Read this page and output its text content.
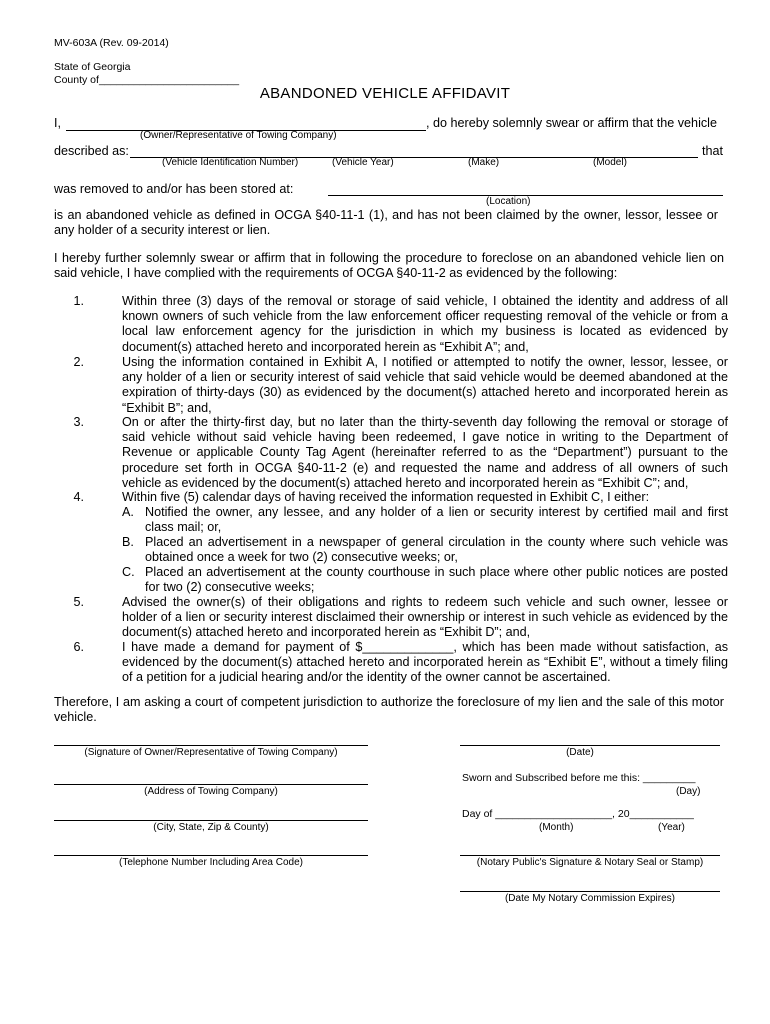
MV-603A (Rev. 09-2014)
State of Georgia
County of________________________
ABANDONED VEHICLE AFFIDAVIT
I,	, do hereby solemnly swear or affirm that the vehicle
(Owner/Representative of Towing Company)
described as:	that
(Vehicle Identification Number)	(Vehicle Year)	(Make)	(Model)
was removed to and/or has been stored at:
(Location)
is an abandoned vehicle as defined in OCGA §40-11-1 (1), and has not been claimed by the owner, lessor, lessee or
any holder of a security interest or lien.
I hereby further solemnly swear or affirm that in following the procedure to foreclose on an abandoned vehicle lien on
said vehicle, I have complied with the requirements of OCGA §40-11-2 as evidenced by the following:
1.	Within three (3) days of the removal or storage of said vehicle, I obtained the identity and address of all
known owners of such vehicle from the law enforcement officer requesting removal of the vehicle or from a
local law enforcement agency for the jurisdiction in which my business is located as evidenced by
document(s) attached hereto and incorporated herein as “Exhibit A”; and,
2.	Using the information contained in Exhibit A, I notified or attempted to notify the owner, lessor, lessee, or
any holder of a lien or security interest of said vehicle that said vehicle would be deemed abandoned at the
expiration of thirty-days (30) as evidenced by the document(s) attached hereto and incorporated herein as
“Exhibit B”; and,
3.	On or after the thirty-first day, but no later than the thirty-seventh day following the removal or storage of
said vehicle without said vehicle having been redeemed, I gave notice in writing to the Department of
Revenue or applicable County Tag Agent (hereinafter referred to as the “Department”) pursuant to the
procedure set forth in OCGA §40-11-2 (e) and requested the name and address of all owners of such
vehicle as evidenced by the document(s) attached hereto and incorporated herein as “Exhibit C”; and,
4.	Within five (5) calendar days of having received the information requested in Exhibit C, I either:
A. Notified the owner, any lessee, and any holder of a lien or security interest by certified mail and first
class mail; or,
B. Placed an advertisement in a newspaper of general circulation in the county where such vehicle was
obtained once a week for two (2) consecutive weeks; or,
C. Placed an advertisement at the county courthouse in such place where other public notices are posted
for two (2) consecutive weeks;
5.	Advised the owner(s) of their obligations and rights to redeem such vehicle and such owner, lessee or
holder of a lien or security interest disclaimed their ownership or interest in such vehicle as evidenced by the
document(s) attached hereto and incorporated herein as “Exhibit D”; and,
6.	I have made a demand for payment of $_____________, which has been made without satisfaction, as
evidenced by the document(s) attached hereto and incorporated herein as “Exhibit E”, without a timely filing
of a petition for a judicial hearing and/or the identity of the owner cannot be ascertained.
Therefore, I am asking a court of competent jurisdiction to authorize the foreclosure of my lien and the sale of this motor
vehicle.
(Signature of Owner/Representative of Towing Company)
(Address of Towing Company)
(City, State, Zip & County)
(Telephone Number Including Area Code)
(Date)
Sworn and Subscribed before me this: _________
(Day)
Day of ____________________, 20___________
(Month)	(Year)
(Notary Public's Signature & Notary Seal or Stamp)
(Date My Notary Commission Expires)
